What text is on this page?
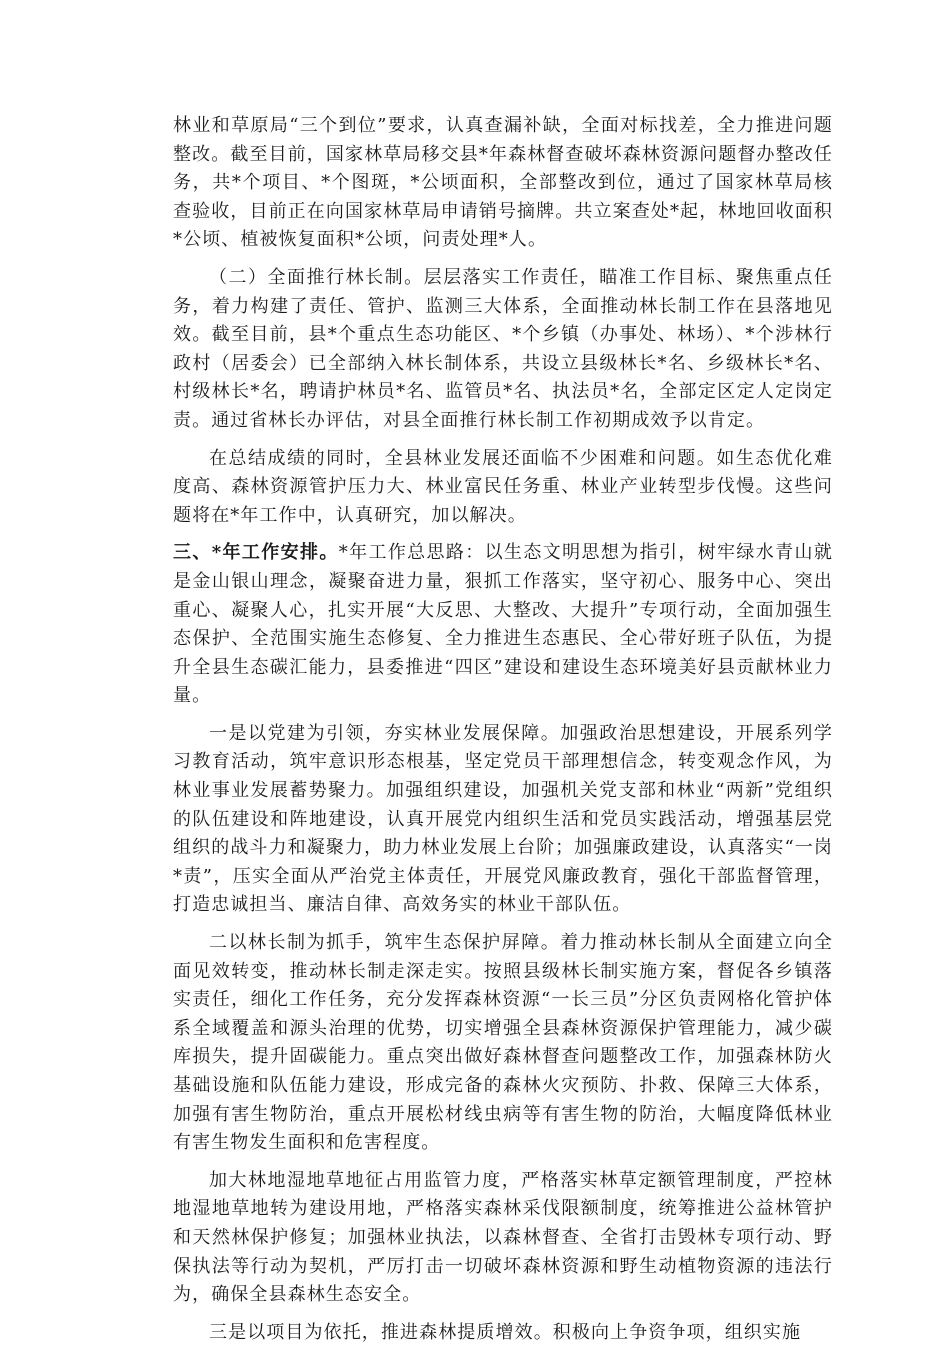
林业和草原局“三个到位”要求，认真查漏补缺，全面对标找差，全力推进问题整改。截至目前，国家林草局移交县*年森林督查破坏森林资源问题督办整改任务，共*个项目、*个图斑，*公顷面积，全部整改到位，通过了国家林草局核查验收，目前正在向国家林草局申请销号摘牌。共立案查处*起，林地回收面积*公顷、植被恢复面积*公顷，问责处理*人。

（二）全面推行林长制。层层落实工作责任，瞄准工作目标、聚焦重点任务，着力构建了责任、管护、监测三大体系，全面推动林长制工作在县落地见效。截至目前，县*个重点生态功能区、*个乡镇（办事处、林场）、*个涉林行政村（居委会）已全部纳入林长制体系，共设立县级林长*名、乡级林长*名、村级林长*名，聘请护林员*名、监管员*名、执法员*名，全部定区定人定岗定责。通过省林长办评估，对县全面推行林长制工作初期成效予以肯定。

在总结成绩的同时，全县林业发展还面临不少困难和问题。如生态优化难度高、森林资源管护压力大、林业富民任务重、林业产业转型步伐慢。这些问题将在*年工作中，认真研究，加以解决。

三、*年工作安排。*年工作总思路：以生态文明思想为指引，树牢绿水青山就是金山银山理念，凝聚奋进力量，狠抓工作落实，坚守初心、服务中心、突出重心、凝聚人心，扎实开展“大反思、大整改、大提升”专项行动，全面加强生态保护、全范围实施生态修复、全力推进生态惠民、全心带好班子队伍，为提升全县生态碳汇能力，县委推进“四区”建设和建设生态环境美好县贡献林业力量。

一是以党建为引领，夯实林业发展保障。加强政治思想建设，开展系列学习教育活动，筑牢意识形态根基，坚定党员干部理想信念，转变观念作风，为林业事业发展蓄势聚力。加强组织建设，加强机关党支部和林业“两新”党组织的队伍建设和阵地建设，认真开展党内组织生活和党员实践活动，增强基层党组织的战斗力和凝聚力，助力林业发展上台阶；加强廉政建设，认真落实“一岗*责”，压实全面从严治党主体责任，开展党风廉政教育，强化干部监督管理，打造忠诚担当、廉洁自律、高效务实的林业干部队伍。

二以林长制为抓手，筑牢生态保护屏障。着力推动林长制从全面建立向全面见效转变，推动林长制走深走实。按照县级林长制实施方案，督促各乡镇落实责任，细化工作任务，充分发挥森林资源“一长三员”分区负责网格化管护体系全域覆盖和源头治理的优势，切实增强全县森林资源保护管理能力，减少碳库损失，提升固碳能力。重点突出做好森林督查问题整改工作，加强森林防火基础设施和队伍能力建设，形成完备的森林火灾预防、扑救、保障三大体系，加强有害生物防治，重点开展松材线虫病等有害生物的防治，大幅度降低林业有害生物发生面积和危害程度。

加大林地湿地草地征占用监管力度，严格落实林草定额管理制度，严控林地湿地草地转为建设用地，严格落实森林采伐限额制度，统筹推进公益林管护和天然林保护修复；加强林业执法，以森林督查、全省打击毁林专项行动、野保执法等行动为契机，严厉打击一切破坏森林资源和野生动植物资源的违法行为，确保全县森林生态安全。

三是以项目为依托，推进森林提质增效。积极向上争资争项，组织实施
